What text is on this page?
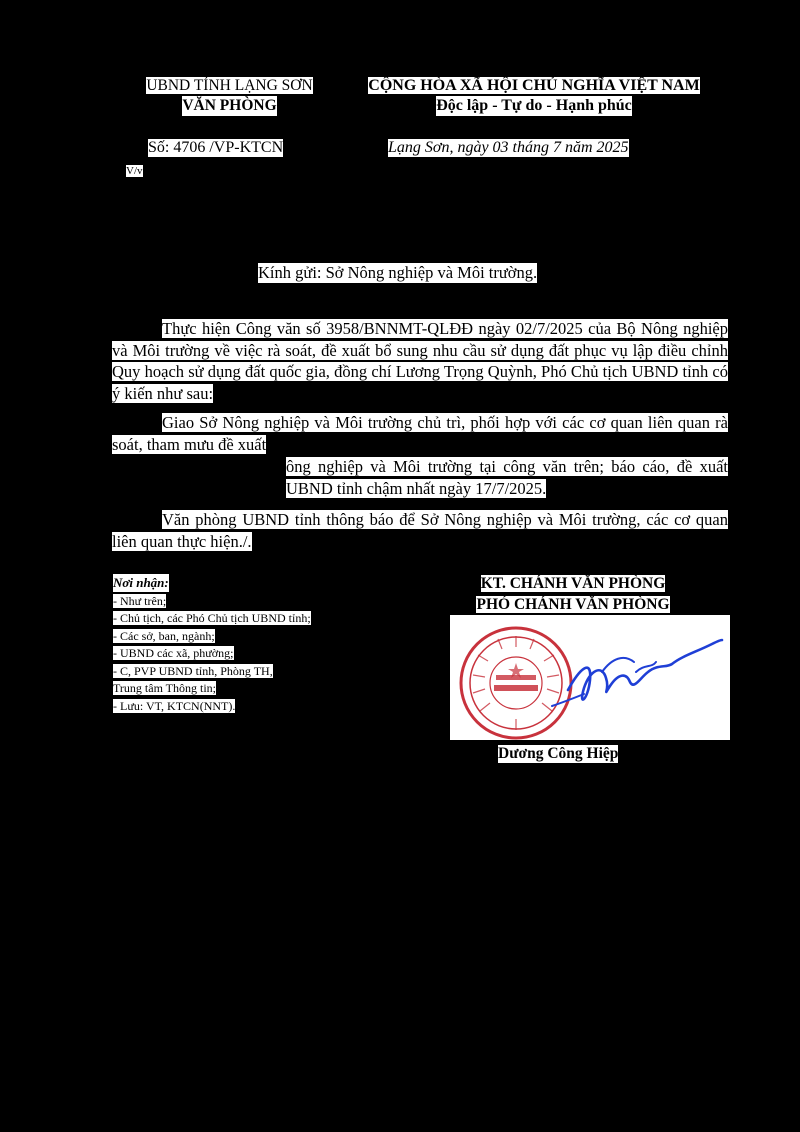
UBND TỈNH LẠNG SƠN
VĂN PHÒNG
CỘNG HÒA XÃ HỘI CHỦ NGHĨA VIỆT NAM
Độc lập - Tự do - Hạnh phúc
Số: 4706 /VP-KTCN
V/v
Lạng Sơn, ngày 03 tháng 7 năm 2025
Kính gửi: Sở Nông nghiệp và Môi trường.
Thực hiện Công văn số 3958/BNNMT-QLĐĐ ngày 02/7/2025 của Bộ Nông nghiệp và Môi trường về việc rà soát, đề xuất bổ sung nhu cầu sử dụng đất phục vụ lập điều chỉnh Quy hoạch sử dụng đất quốc gia, đồng chí Lương Trọng Quỳnh, Phó Chủ tịch UBND tỉnh có ý kiến như sau:
Giao Sở Nông nghiệp và Môi trường chủ trì, phối hợp với các cơ quan liên quan rà soát, tham mưu đề xuất
ông nghiệp và Môi trường tại công văn trên; báo cáo, đề xuất UBND tỉnh chậm nhất ngày 17/7/2025.
Văn phòng UBND tỉnh thông báo để Sở Nông nghiệp và Môi trường, các cơ quan liên quan thực hiện./.
Nơi nhận:
- Như trên;
- Chủ tịch, các Phó Chủ tịch UBND tỉnh;
- Các sở, ban, ngành;
- UBND các xã, phường;
- C, PVP UBND tỉnh, Phòng TH,
Trung tâm Thông tin;
- Lưu: VT, KTCN(NNT).
KT. CHÁNH VĂN PHÒNG
PHÓ CHÁNH VĂN PHÒNG
Dương Công Hiệp
